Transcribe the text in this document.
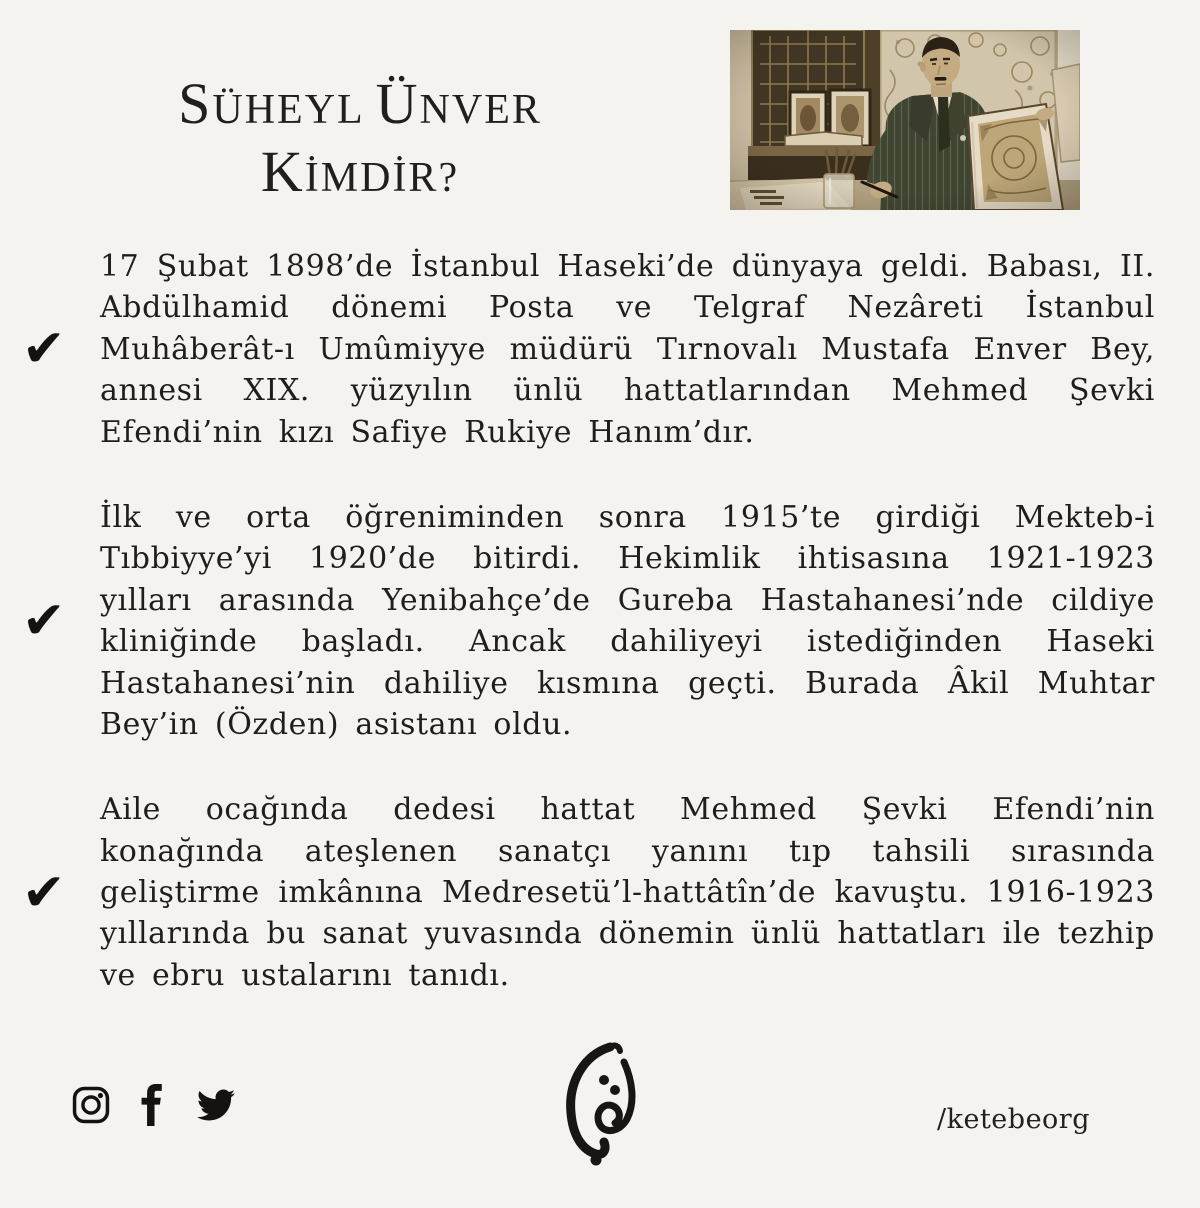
SÜHEYL ÜNVER
KİMDİR?
✔

17 Şubat 1898’de İstanbul Haseki’de dünyaya geldi. Babası, II. Abdülhamid dönemi Posta ve Telgraf Nezâreti İstanbul Muhâberât-ı Umûmiyye müdürü Tırnovalı Mustafa Enver Bey, annesi XIX. yüzyılın ünlü hattatlarından Mehmed Şevki Efendi’nin kızı Safiye Rukiye Hanım’dır.

✔

İlk ve orta öğreniminden sonra 1915’te girdiği Mekteb-i Tıbbiyye’yi 1920’de bitirdi. Hekimlik ihtisasına 1921-1923 yılları arasında Yenibahçe’de Gureba Hastahanesi’nde cildiye kliniğinde başladı. Ancak dahiliyeyi istediğinden Haseki Hastahanesi’nin dahiliye kısmına geçti. Burada Âkil Muhtar Bey’in (Özden) asistanı oldu.

✔

Aile ocağında dedesi hattat Mehmed Şevki Efendi’nin konağında ateşlenen sanatçı yanını tıp tahsili sırasında geliştirme imkânına Medresetü’l-hattâtîn’de kavuştu. 1916-1923 yıllarında bu sanat yuvasında dönemin ünlü hattatları ile tezhip ve ebru ustalarını tanıdı.

/ketebeorg
